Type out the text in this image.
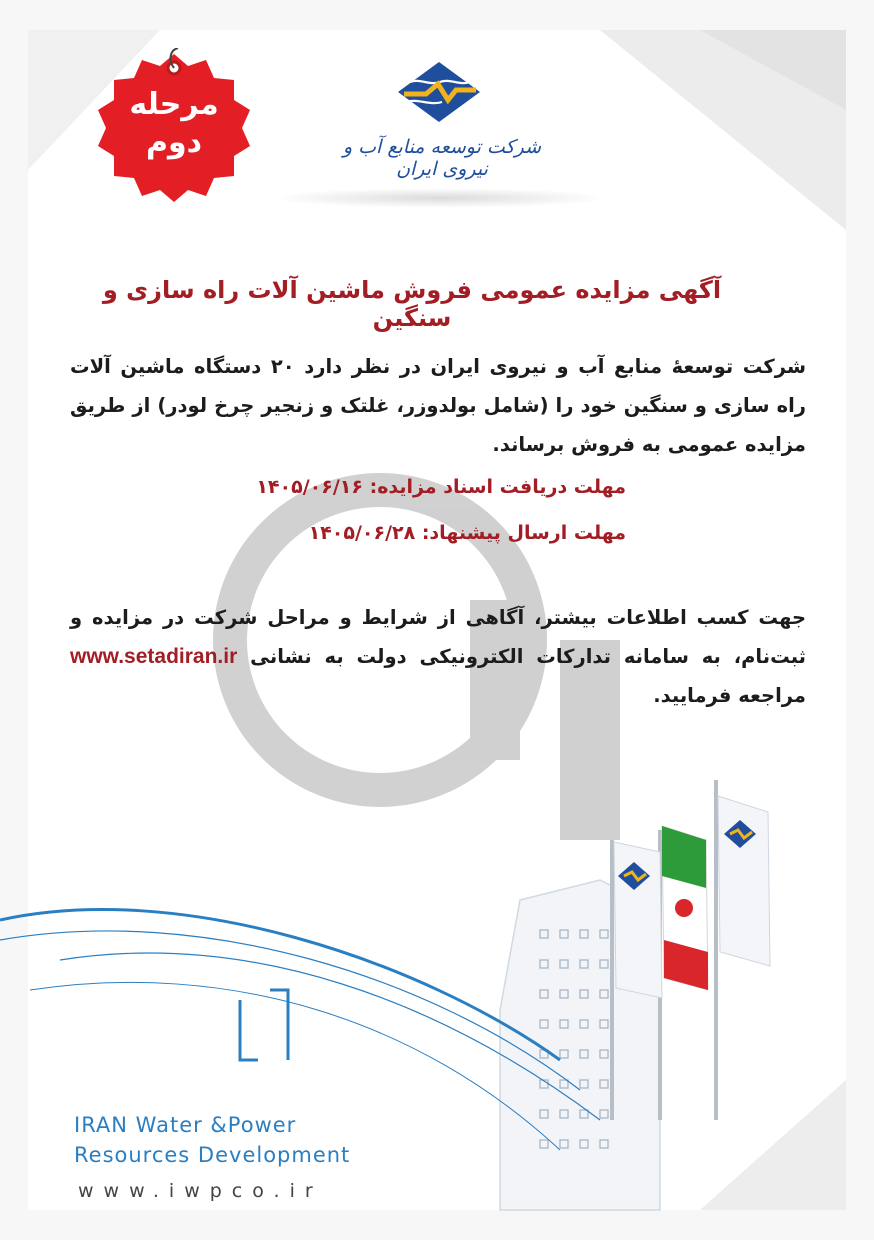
مرحله
دوم	شرکت توسعه منابع آب و نیروی ایران
آگهی مزایده عمومی فروش ماشین آلات راه سازی و سنگین
شرکت توسعهٔ منابع آب و نیروی ایران در نظر دارد ۲۰ دستگاه ماشین آلات راه سازی و سنگین خود را (شامل بولدوزر، غلتک و زنجیر چرخ لودر) از طریق مزایده عمومی به فروش برساند.
مهلت دریافت اسناد مزایده: ۱۴۰۵/۰۶/۱۶
مهلت ارسال پیشنهاد: ۱۴۰۵/۰۶/۲۸
جهت کسب اطلاعات بیشتر، آگاهی از شرایط و مراحل شرکت در مزایده و ثبت‌نام، به سامانه تدارکات الکترونیکی دولت به نشانی www.setadiran.ir مراجعه فرمایید.
IRAN Water &Power
Resources Development
www.iwpco.ir
